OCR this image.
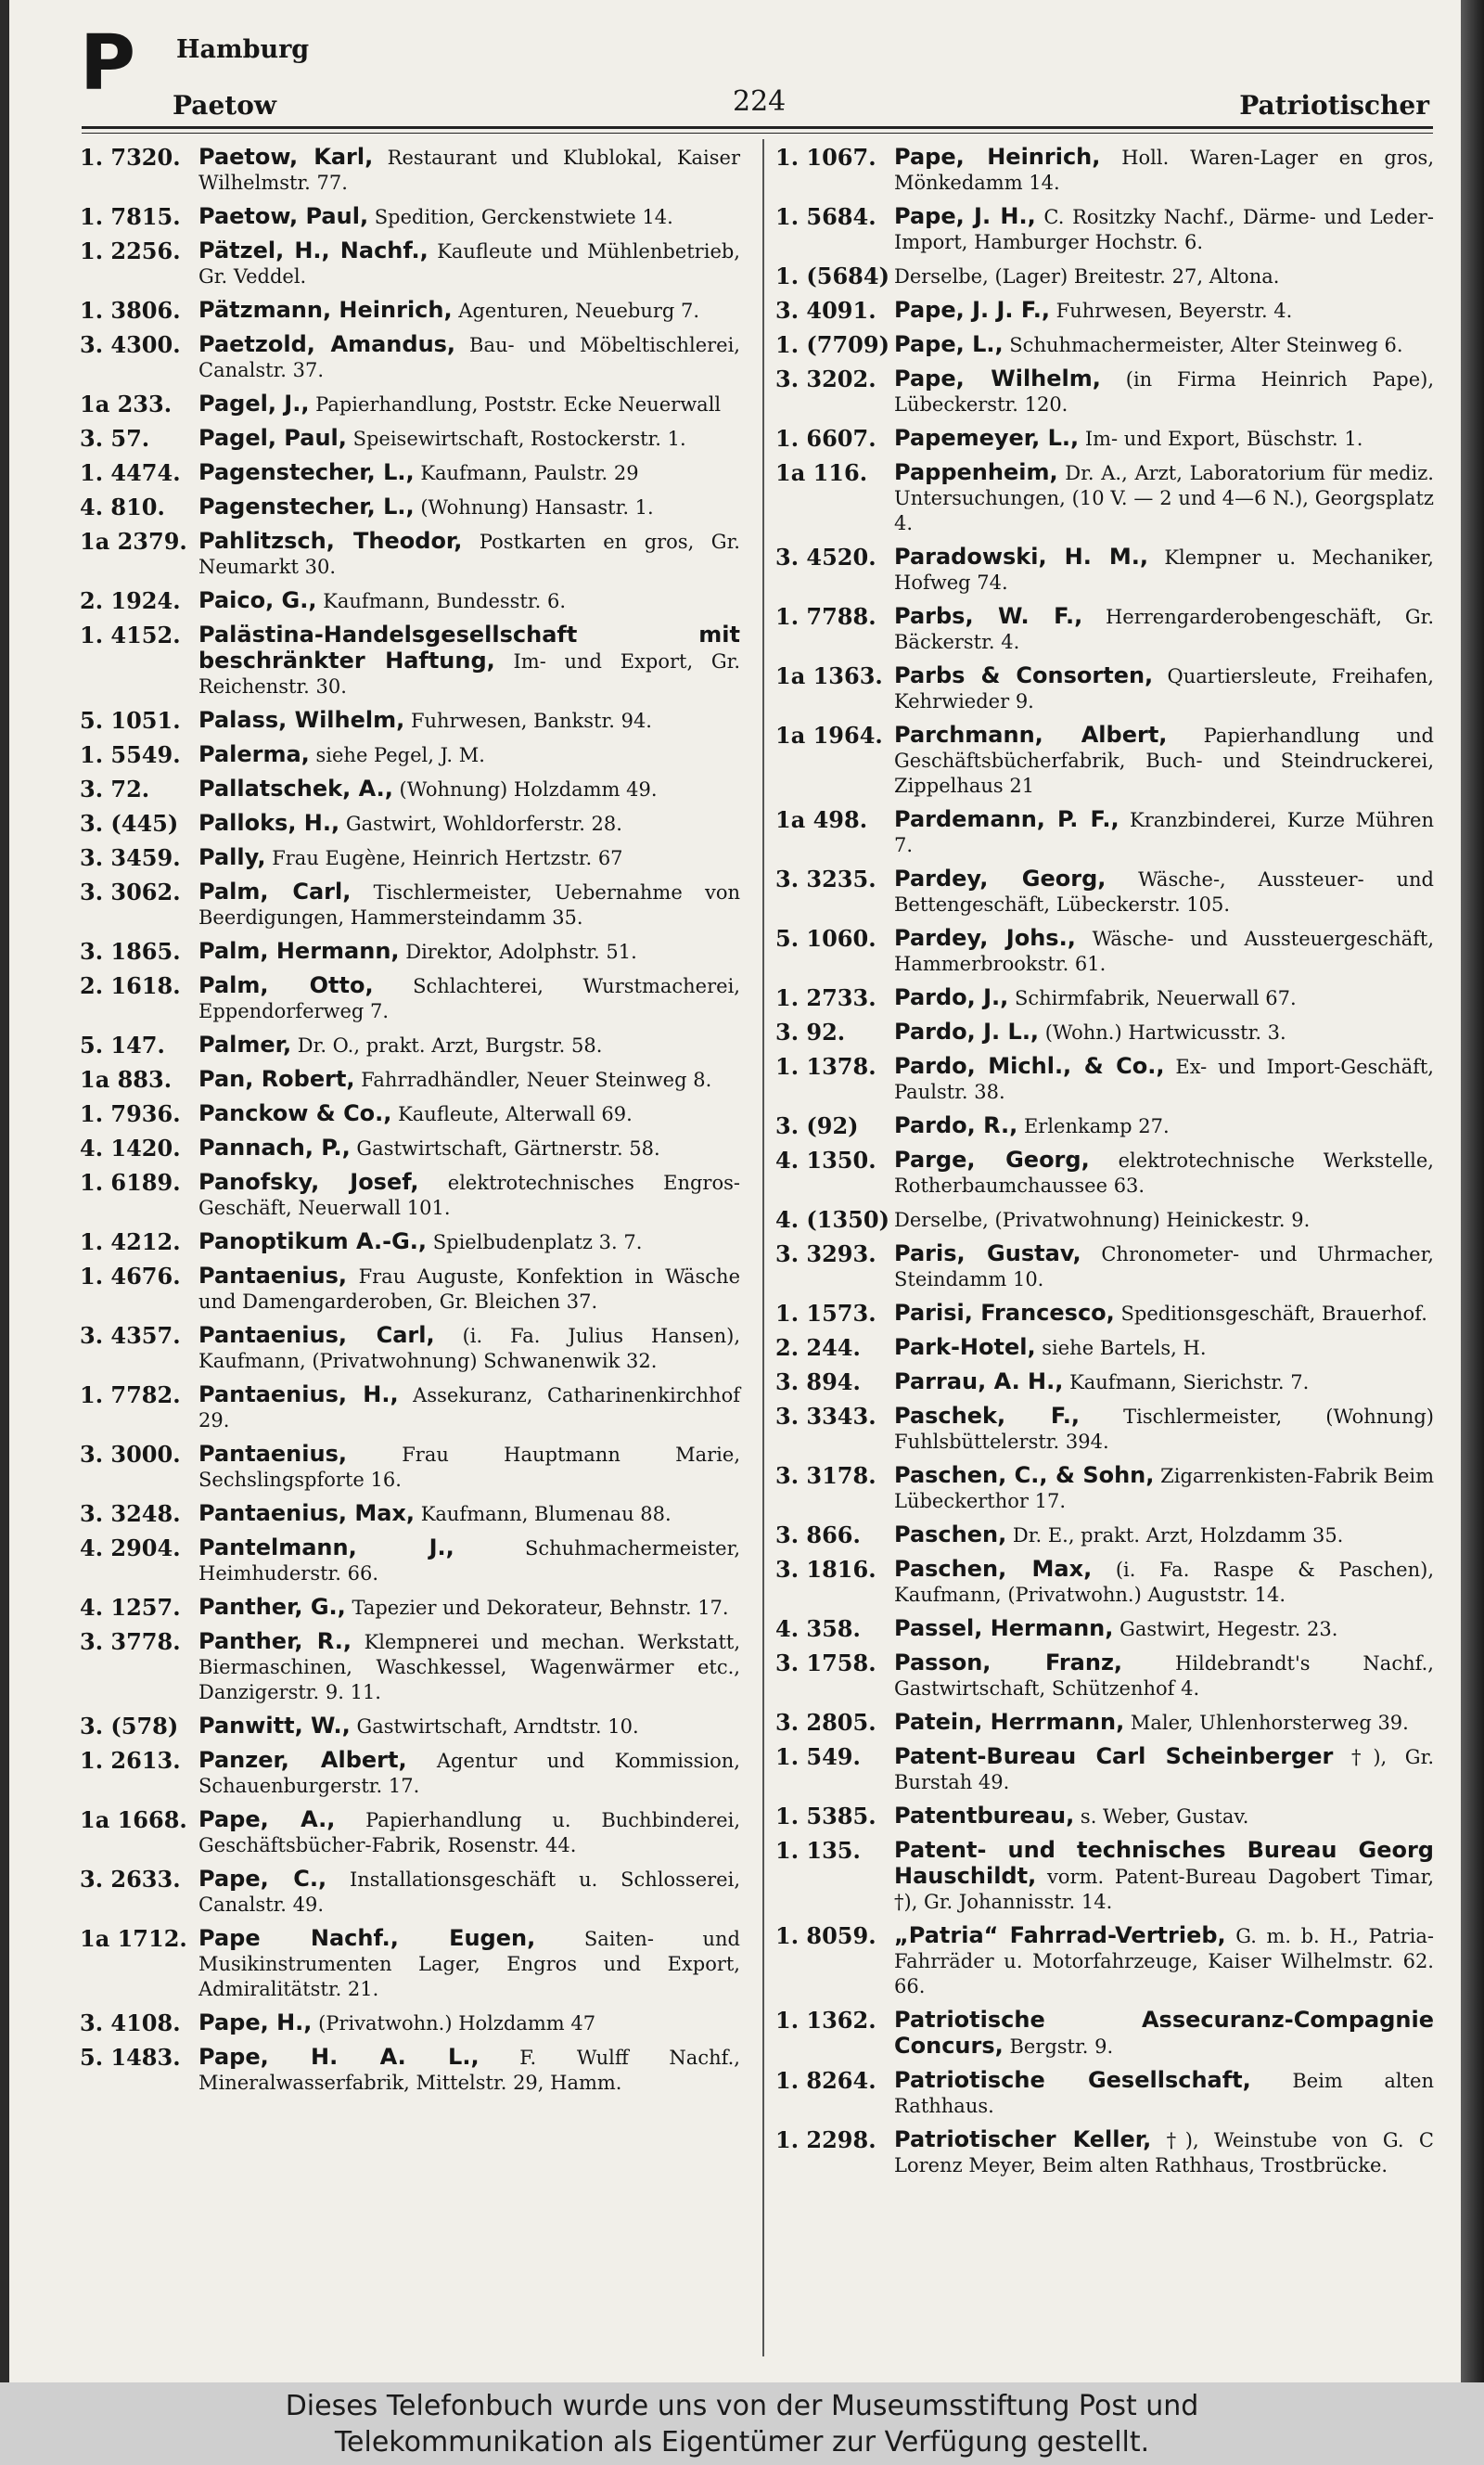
P Hamburg
Paetow	224	Patriotischer
1. 7320. Paetow, Karl, Restaurant und Klublokal, Kaiser Wilhelmstr. 77.
1. 7815. Paetow, Paul, Spedition, Gerckenstwiete 14.
1. 2256. Pätzel, H., Nachf., Kaufleute und Mühlenbetrieb, Gr. Veddel.
1. 3806. Pätzmann, Heinrich, Agenturen, Neueburg 7.
3. 4300. Paetzold, Amandus, Bau- und Möbeltischlerei, Canalstr. 37.
1a 233. Pagel, J., Papierhandlung, Poststr. Ecke Neuerwall
3. 57. Pagel, Paul, Speisewirtschaft, Rostockerstr. 1.
1. 4474. Pagenstecher, L., Kaufmann, Paulstr. 29
4. 810. Pagenstecher, L., (Wohnung) Hansastr. 1.
1a 2379. Pahlitzsch, Theodor, Postkarten en gros, Gr. Neumarkt 30.
2. 1924. Paico, G., Kaufmann, Bundesstr. 6.
1. 4152. Palästina-Handelsgesellschaft mit beschränkter Haftung, Im- und Export, Gr. Reichenstr. 30.
5. 1051. Palass, Wilhelm, Fuhrwesen, Bankstr. 94.
1. 5549. Palerma, siehe Pegel, J. M.
3. 72. Pallatschek, A., (Wohnung) Holzdamm 49.
3. (445) Palloks, H., Gastwirt, Wohldorferstr. 28.
3. 3459. Pally, Frau Eugène, Heinrich Hertzstr. 67
3. 3062. Palm, Carl, Tischlermeister, Uebernahme von Beerdigungen, Hammersteindamm 35.
3. 1865. Palm, Hermann, Direktor, Adolphstr. 51.
2. 1618. Palm, Otto, Schlachterei, Wurstmacherei, Eppendorferweg 7.
5. 147. Palmer, Dr. O., prakt. Arzt, Burgstr. 58.
1a 883. Pan, Robert, Fahrradhändler, Neuer Steinweg 8.
1. 7936. Panckow & Co., Kaufleute, Alterwall 69.
4. 1420. Pannach, P., Gastwirtschaft, Gärtnerstr. 58.
1. 6189. Panofsky, Josef, elektrotechnisches Engros-Geschäft, Neuerwall 101.
1. 4212. Panoptikum A.-G., Spielbudenplatz 3. 7.
1. 4676. Pantaenius, Frau Auguste, Konfektion in Wäsche und Damengarderoben, Gr. Bleichen 37.
3. 4357. Pantaenius, Carl, (i. Fa. Julius Hansen), Kaufmann, (Privatwohnung) Schwanenwik 32.
1. 7782. Pantaenius, H., Assekuranz, Catharinenkirchhof 29.
3. 3000. Pantaenius,	Frau Hauptmann Marie, Sechslingspforte 16.
3. 3248. Pantaenius, Max, Kaufmann, Blumenau 88.
4. 2904. Pantelmann, J.,	Schuhmachermeister, Heimhuderstr. 66.
4. 1257. Panther, G., Tapezier und Dekorateur, Behnstr. 17.
3. 3778. Panther, R., Klempnerei und mechan. Werkstatt, Biermaschinen, Waschkessel, Wagenwärmer etc., Danzigerstr. 9. 11.
3. (578) Panwitt, W., Gastwirtschaft, Arndtstr. 10.
1. 2613. Panzer, Albert, Agentur und Kommission, Schauenburgerstr. 17.
1a 1668. Pape, A., Papierhandlung u. Buchbinderei, Geschäftsbücher-Fabrik, Rosenstr. 44.
3. 2633. Pape, C., Installationsgeschäft u. Schlosserei, Canalstr. 49.
1a 1712. Pape Nachf., Eugen,	Saiten- und Musikinstrumenten Lager, Engros und Export, Admiralitätstr. 21.
3. 4108. Pape, H., (Privatwohn.) Holzdamm 47
5. 1483. Pape, H. A. L., F. Wulff Nachf., Mineralwasserfabrik, Mittelstr. 29, Hamm.
1. 1067. Pape, Heinrich, Holl. Waren-Lager en gros, Mönkedamm 14.
1. 5684. Pape, J. H., C. Rositzky Nachf., Därme- und Leder-Import, Hamburger Hochstr. 6.
1. (5684) Derselbe, (Lager) Breitestr. 27, Altona.
3. 4091. Pape, J. J. F., Fuhrwesen, Beyerstr. 4.
1. (7709) Pape, L., Schuhmachermeister, Alter Steinweg 6.
3. 3202. Pape, Wilhelm, (in Firma Heinrich Pape), Lübeckerstr. 120.
1. 6607. Papemeyer, L., Im- und Export, Büschstr. 1.
1a 116. Pappenheim, Dr. A., Arzt, Laboratorium für mediz. Untersuchungen, (10 V. — 2 und 4—6 N.), Georgsplatz 4.
3. 4520. Paradowski, H. M., Klempner u. Mechaniker, Hofweg 74.
1. 7788. Parbs, W. F., Herrengarderobengeschäft, Gr. Bäckerstr. 4.
1a 1363. Parbs & Consorten, Quartiersleute, Freihafen, Kehrwieder 9.
1a 1964. Parchmann, Albert, Papierhandlung und Geschäftsbücherfabrik, Buch- und Steindruckerei, Zippelhaus 21
1a 498. Pardemann, P. F., Kranzbinderei, Kurze Mühren 7.
3. 3235. Pardey, Georg, Wäsche-, Aussteuer- und Bettengeschäft, Lübeckerstr. 105.
5. 1060. Pardey, Johs., Wäsche- und Aussteuergeschäft, Hammerbrookstr. 61.
1. 2733. Pardo, J., Schirmfabrik, Neuerwall 67.
3. 92. Pardo, J. L., (Wohn.) Hartwicusstr. 3.
1. 1378. Pardo, Michl., & Co., Ex- und Import-Geschäft, Paulstr. 38.
3. (92) Pardo, R., Erlenkamp 27.
4. 1350. Parge, Georg, elektrotechnische Werkstelle, Rotherbaumchaussee 63.
4. (1350) Derselbe, (Privatwohnung) Heinickestr. 9.
3. 3293. Paris, Gustav, Chronometer- und Uhrmacher, Steindamm 10.
1. 1573. Parisi, Francesco, Speditionsgeschäft, Brauerhof.
2. 244. Park-Hotel, siehe Bartels, H.
3. 894. Parrau, A. H., Kaufmann, Sierichstr. 7.
3. 3343. Paschek, F., Tischlermeister, (Wohnung) Fuhlsbüttelerstr. 394.
3. 3178. Paschen, C., & Sohn, Zigarrenkisten-Fabrik Beim Lübeckerthor 17.
3. 866. Paschen, Dr. E., prakt. Arzt, Holzdamm 35.
3. 1816. Paschen, Max, (i. Fa. Raspe & Paschen), Kaufmann, (Privatwohn.) Auguststr. 14.
4. 358. Passel, Hermann, Gastwirt, Hegestr. 23.
3. 1758. Passon, Franz,	Hildebrandt's Nachf., Gastwirtschaft, Schützenhof 4.
3. 2805. Patein, Herrmann, Maler, Uhlenhorsterweg 39.
1. 549. Patent-Bureau Carl Scheinberger †), Gr. Burstah 49.
1. 5385. Patentbureau, s. Weber, Gustav.
1. 135. Patent- und technisches Bureau Georg Hauschildt, vorm. Patent-Bureau Dagobert Timar, †), Gr. Johannisstr. 14.
1. 8059. „Patria“ Fahrrad-Vertrieb, G. m. b. H., Patria-Fahrräder u. Motorfahrzeuge, Kaiser Wilhelmstr. 62. 66.
1. 1362. Patriotische Assecuranz-Compagnie Concurs, Bergstr. 9.
1. 8264. Patriotische Gesellschaft, Beim alten Rathhaus.
1. 2298. Patriotischer Keller, †), Weinstube von G. C Lorenz Meyer, Beim alten Rathhaus, Trostbrücke.
Dieses Telefonbuch wurde uns von der Museumsstiftung Post und
Telekommunikation als Eigentümer zur Verfügung gestellt.
